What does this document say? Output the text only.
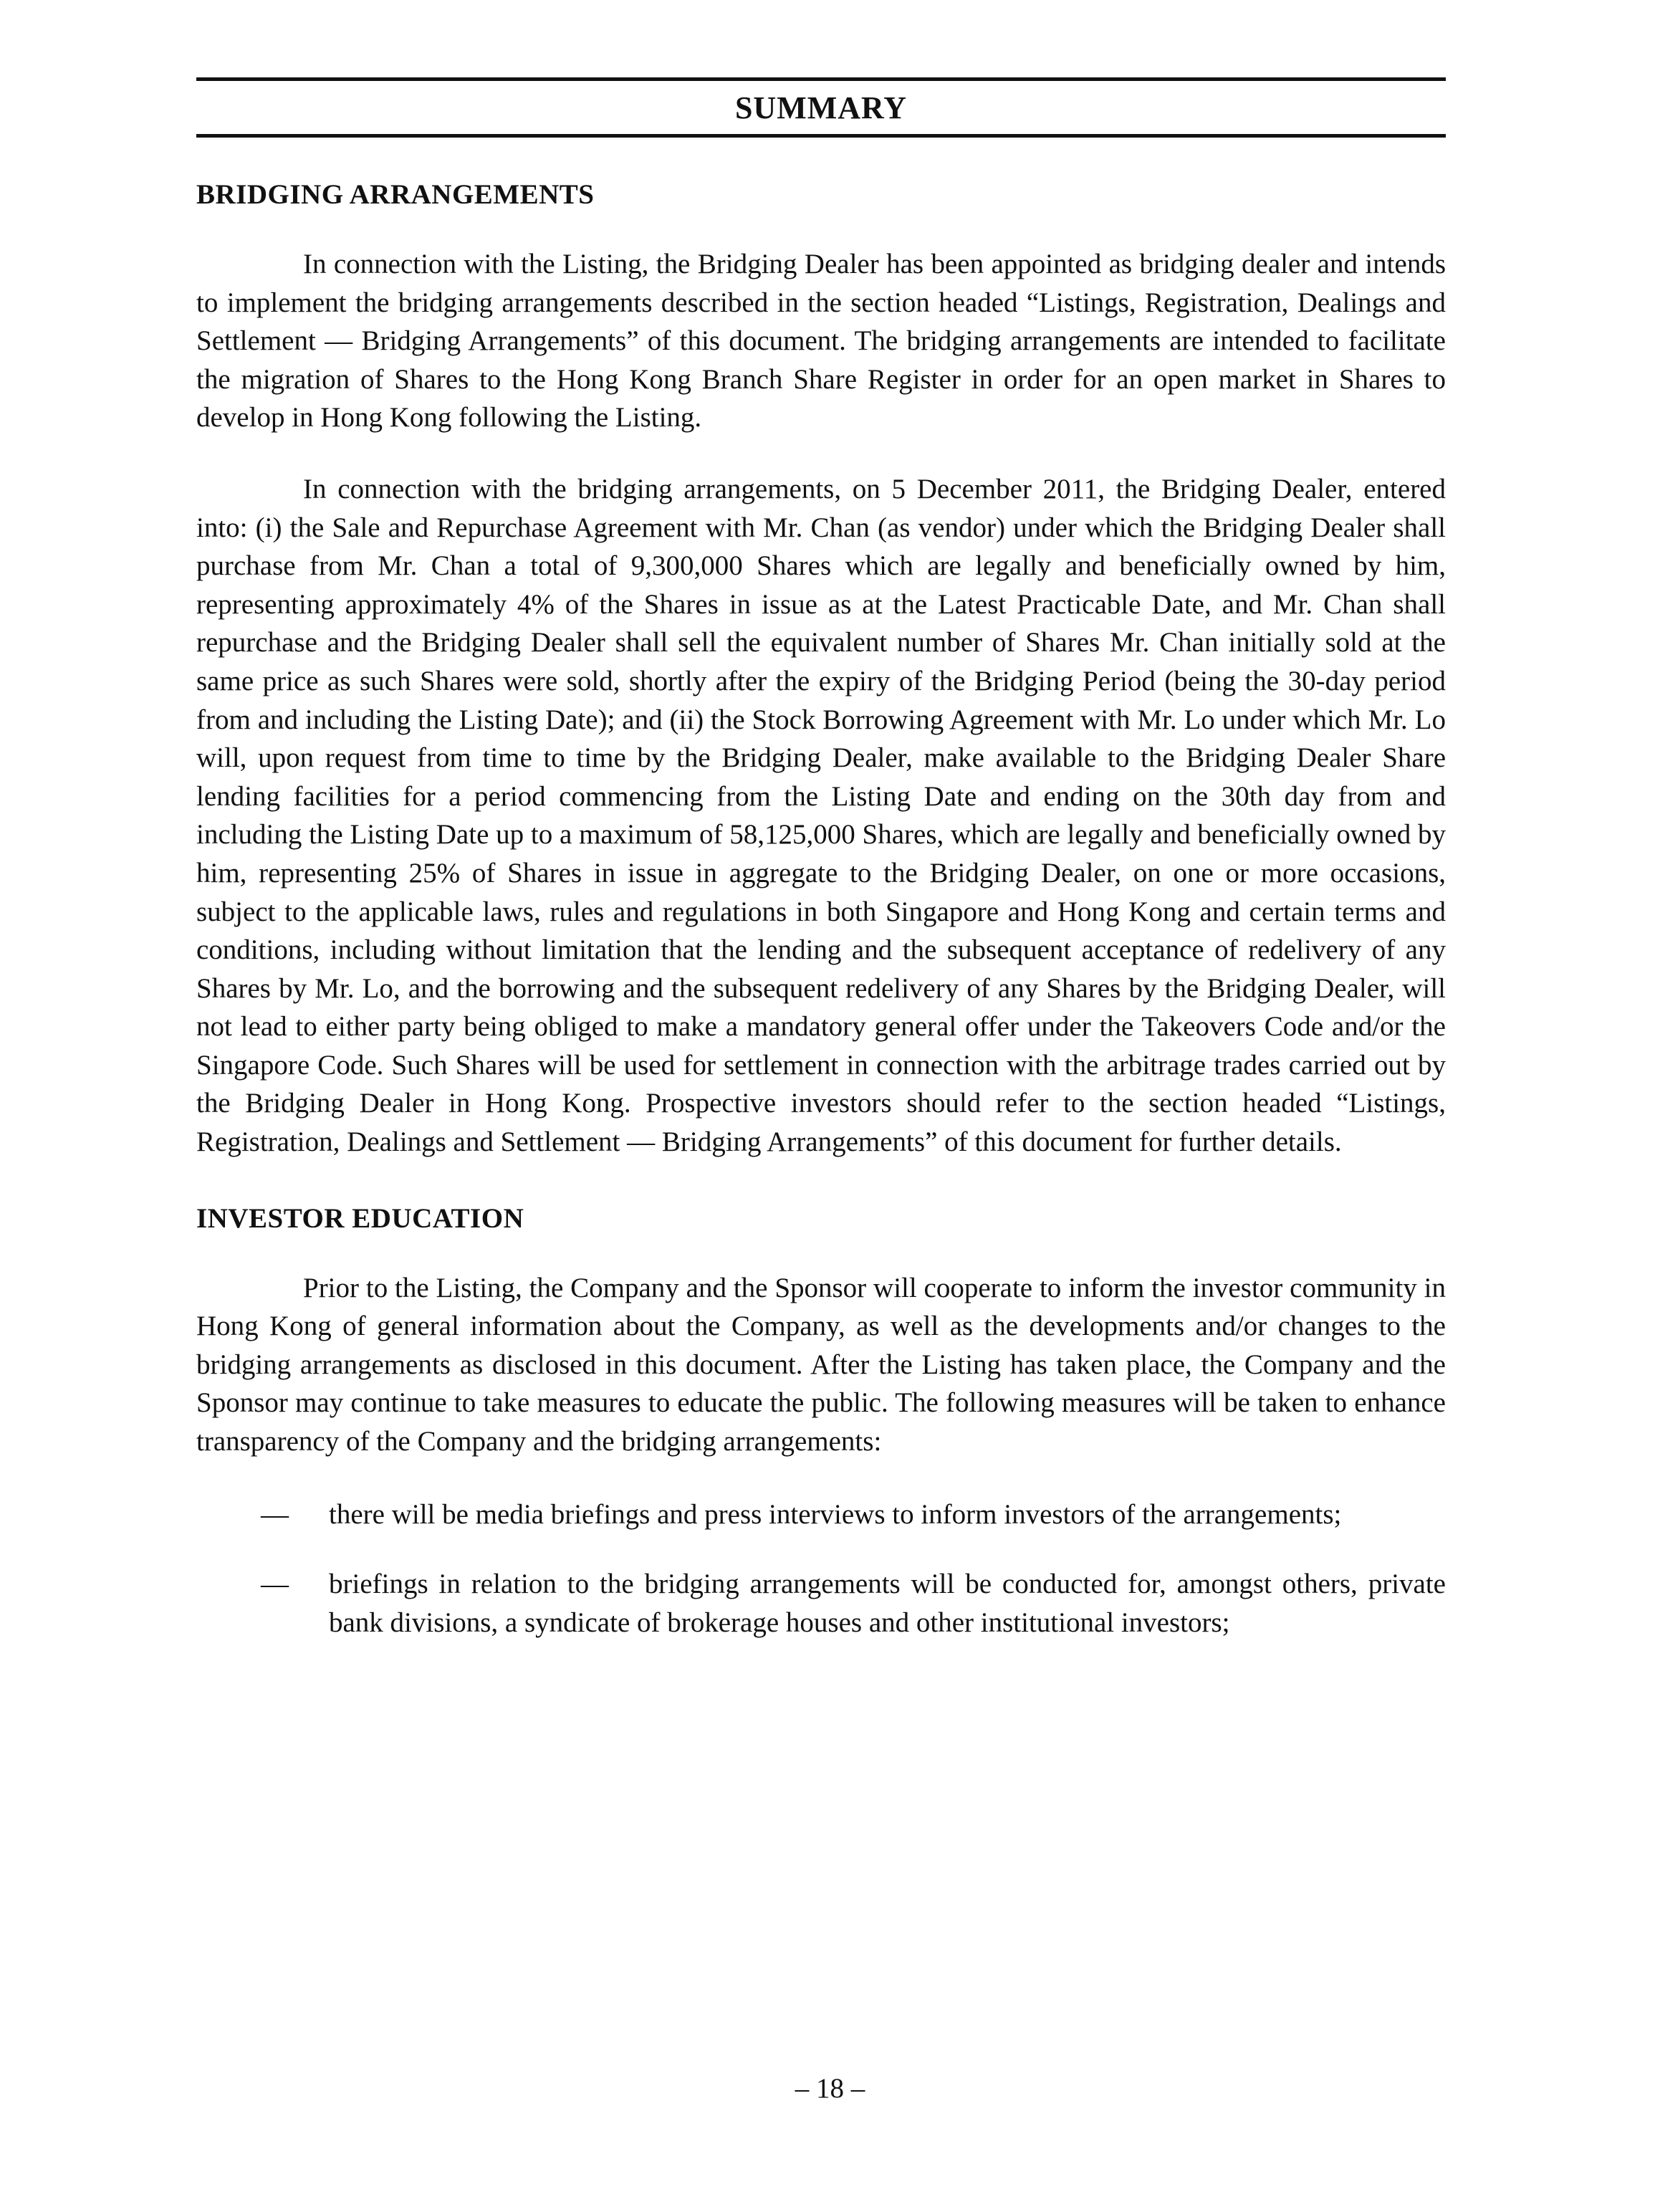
SUMMARY
BRIDGING ARRANGEMENTS

In connection with the Listing, the Bridging Dealer has been appointed as bridging dealer and intends to implement the bridging arrangements described in the section headed “Listings, Registration, Dealings and Settlement — Bridging Arrangements” of this document. The bridging arrangements are intended to facilitate the migration of Shares to the Hong Kong Branch Share Register in order for an open market in Shares to develop in Hong Kong following the Listing.

In connection with the bridging arrangements, on 5 December 2011, the Bridging Dealer, entered into: (i) the Sale and Repurchase Agreement with Mr. Chan (as vendor) under which the Bridging Dealer shall purchase from Mr. Chan a total of 9,300,000 Shares which are legally and beneficially owned by him, representing approximately 4% of the Shares in issue as at the Latest Practicable Date, and Mr. Chan shall repurchase and the Bridging Dealer shall sell the equivalent number of Shares Mr. Chan initially sold at the same price as such Shares were sold, shortly after the expiry of the Bridging Period (being the 30-day period from and including the Listing Date); and (ii) the Stock Borrowing Agreement with Mr. Lo under which Mr. Lo will, upon request from time to time by the Bridging Dealer, make available to the Bridging Dealer Share lending facilities for a period commencing from the Listing Date and ending on the 30th day from and including the Listing Date up to a maximum of 58,125,000 Shares, which are legally and beneficially owned by him, representing 25% of Shares in issue in aggregate to the Bridging Dealer, on one or more occasions, subject to the applicable laws, rules and regulations in both Singapore and Hong Kong and certain terms and conditions, including without limitation that the lending and the subsequent acceptance of redelivery of any Shares by Mr. Lo, and the borrowing and the subsequent redelivery of any Shares by the Bridging Dealer, will not lead to either party being obliged to make a mandatory general offer under the Takeovers Code and/or the Singapore Code. Such Shares will be used for settlement in connection with the arbitrage trades carried out by the Bridging Dealer in Hong Kong. Prospective investors should refer to the section headed “Listings, Registration, Dealings and Settlement — Bridging Arrangements” of this document for further details.

INVESTOR EDUCATION

Prior to the Listing, the Company and the Sponsor will cooperate to inform the investor community in Hong Kong of general information about the Company, as well as the developments and/or changes to the bridging arrangements as disclosed in this document. After the Listing has taken place, the Company and the Sponsor may continue to take measures to educate the public. The following measures will be taken to enhance transparency of the Company and the bridging arrangements:

—	there will be media briefings and press interviews to inform investors of the arrangements;
—	briefings in relation to the bridging arrangements will be conducted for, amongst others, private bank divisions, a syndicate of brokerage houses and other institutional investors;
– 18 –
